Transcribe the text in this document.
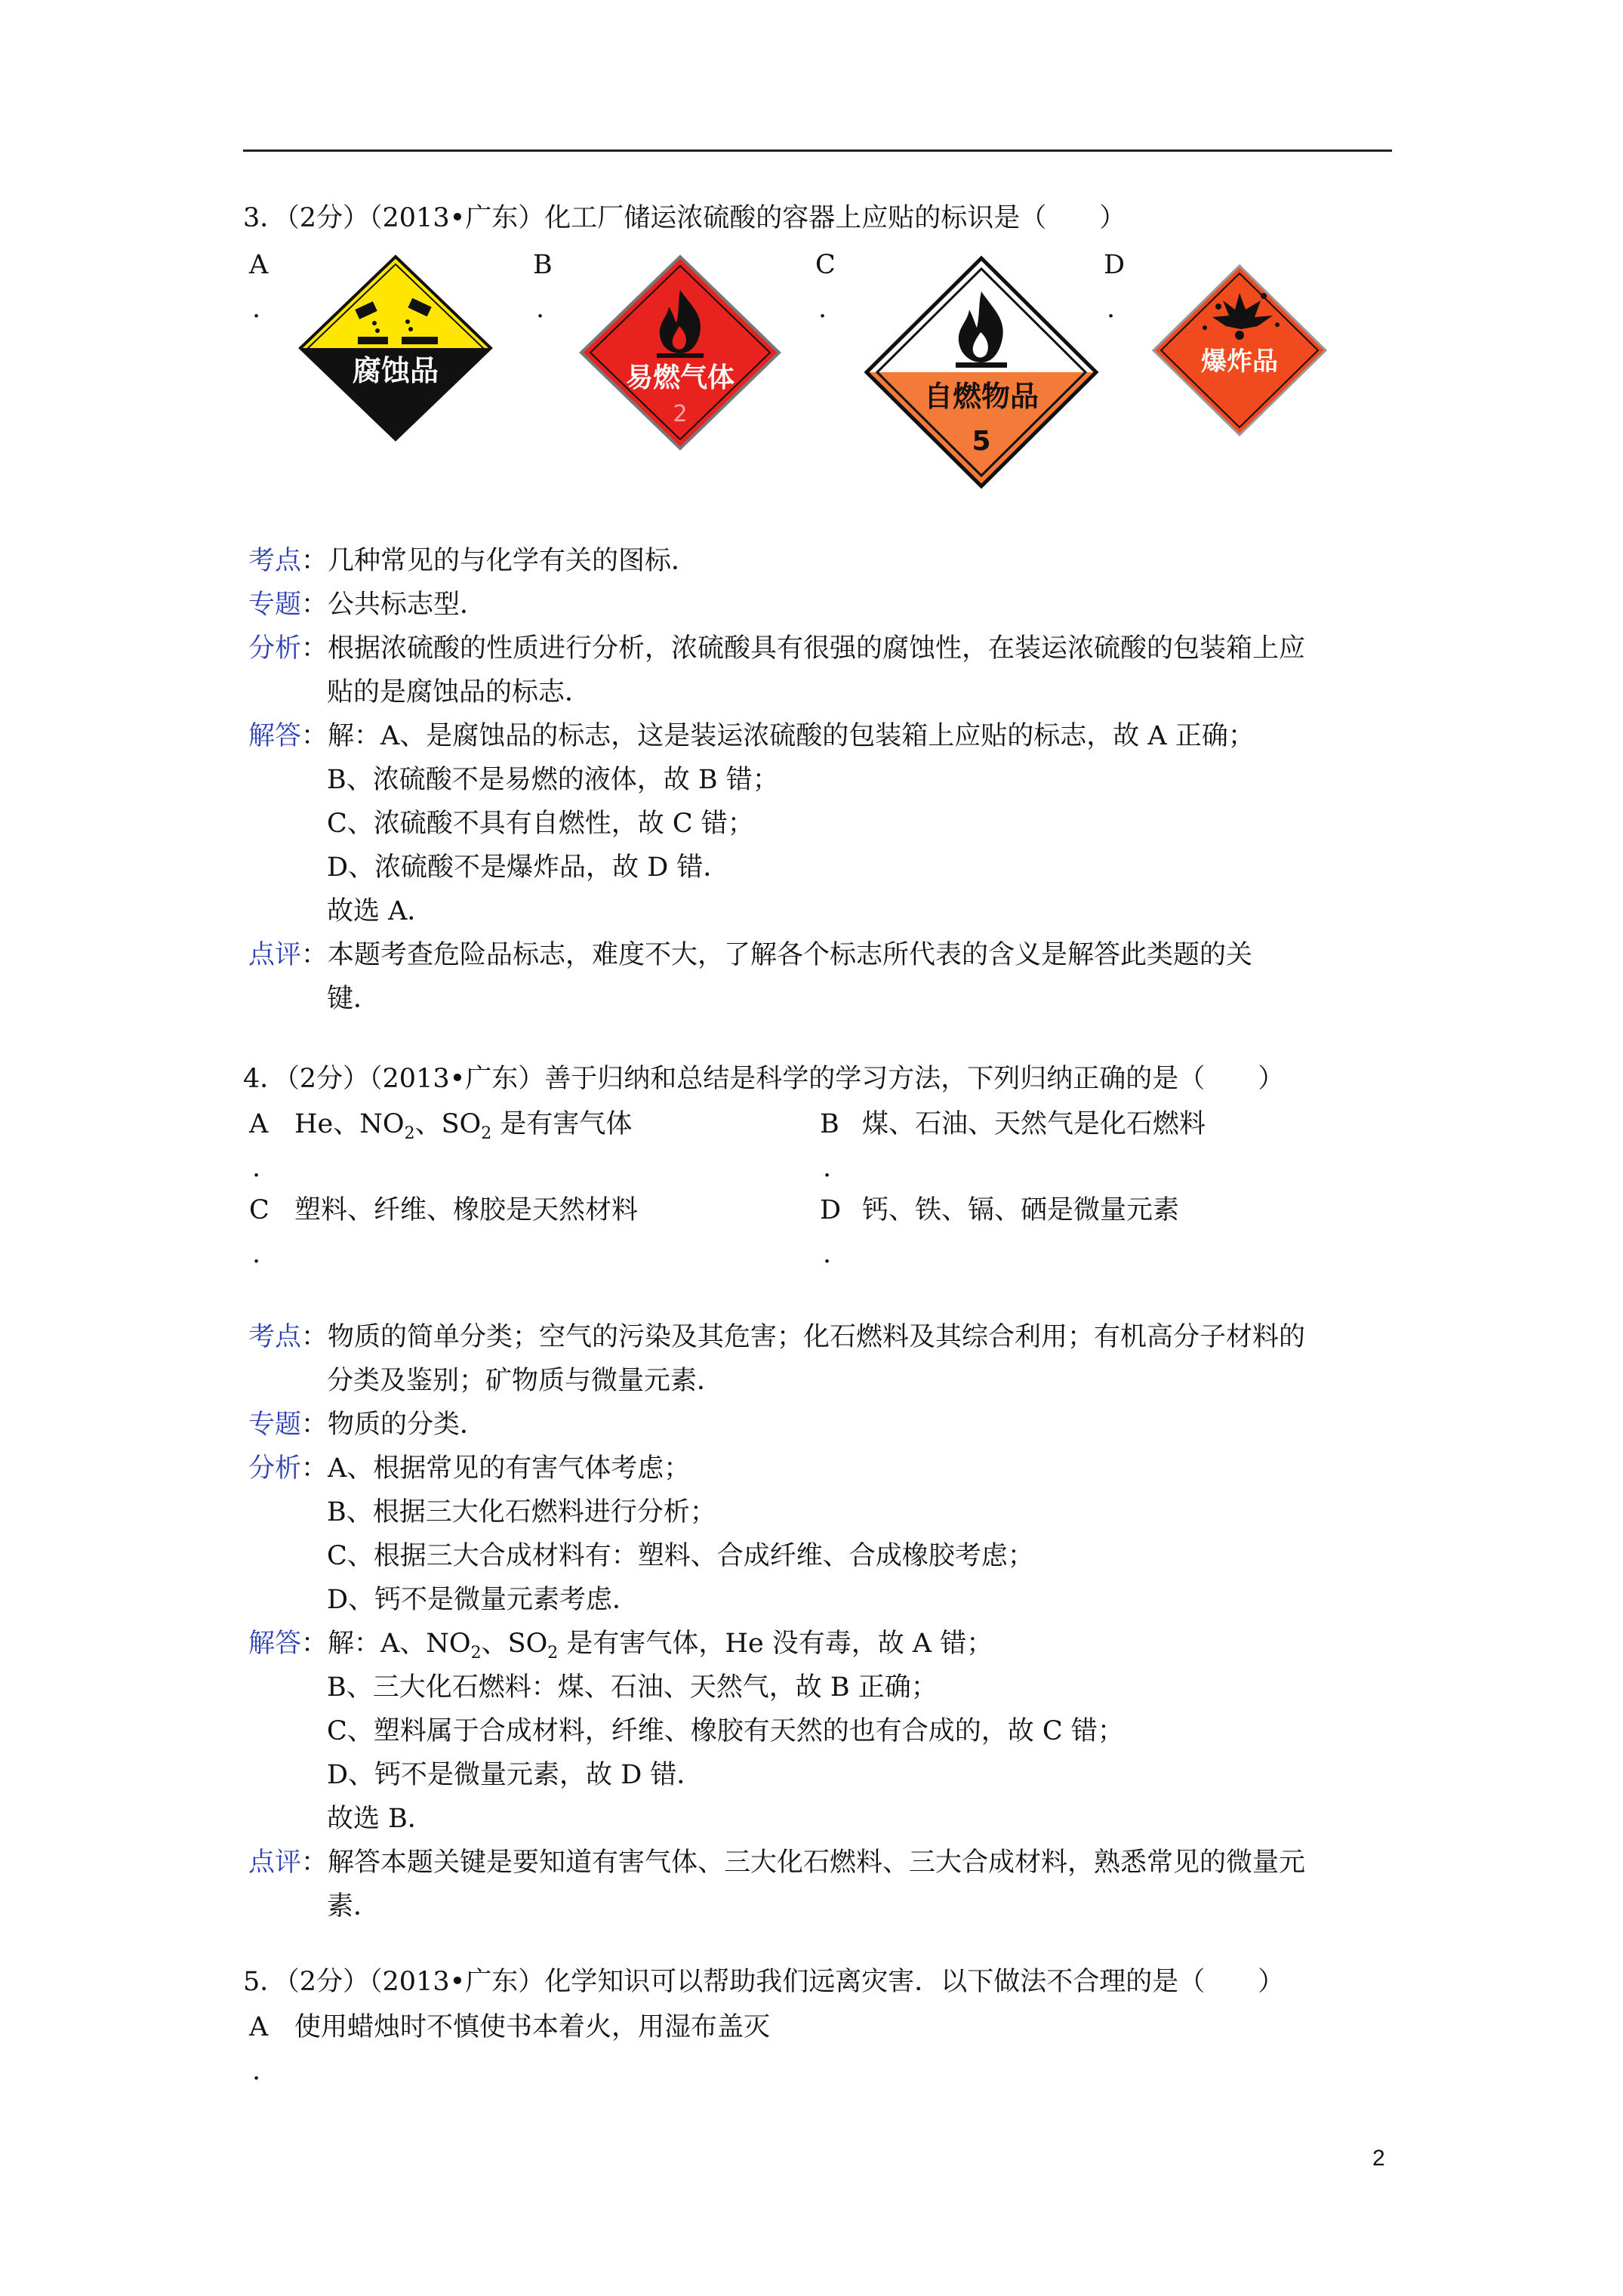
3．（2分）（2013•广东）化工厂储运浓硫酸的容器上应贴的标识是（　　）
A
.
B
.
C
.
D
.
腐蚀品	易燃气体
2
自燃物品
5
爆炸品
考点：几种常见的与化学有关的图标．
专题：公共标志型．
分析：根据浓硫酸的性质进行分析，浓硫酸具有很强的腐蚀性，在装运浓硫酸的包装箱上应
贴的是腐蚀品的标志．
解答：解：A、是腐蚀品的标志，这是装运浓硫酸的包装箱上应贴的标志，故 A 正确；
B、浓硫酸不是易燃的液体，故 B 错；
C、浓硫酸不具有自燃性，故 C 错；
D、浓硫酸不是爆炸品，故 D 错．
故选 A．
点评：本题考查危险品标志，难度不大，了解各个标志所代表的含义是解答此类题的关
键．
4．（2分）（2013•广东）善于归纳和总结是科学的学习方法，下列归纳正确的是（　　）
A He、$NO_2$、$SO_2$ 是有害气体
.
B 煤、石油、天然气是化石燃料
.
C 塑料、纤维、橡胶是天然材料
.
D 钙、铁、镉、硒是微量元素
.
考点：物质的简单分类；空气的污染及其危害；化石燃料及其综合利用；有机高分子材料的
分类及鉴别；矿物质与微量元素．
专题：物质的分类．
分析：A、根据常见的有害气体考虑；
B、根据三大化石燃料进行分析；
C、根据三大合成材料有：塑料、合成纤维、合成橡胶考虑；
D、钙不是微量元素考虑．
解答：解：A、$NO_2$、$SO_2$ 是有害气体，He 没有毒，故 A 错；
B、三大化石燃料：煤、石油、天然气，故 B 正确；
C、塑料属于合成材料，纤维、橡胶有天然的也有合成的，故 C 错；
D、钙不是微量元素，故 D 错．
故选 B．
点评：解答本题关键是要知道有害气体、三大化石燃料、三大合成材料，熟悉常见的微量元
素．
5．（2分）（2013•广东）化学知识可以帮助我们远离灾害．以下做法不合理的是（　　）
A 使用蜡烛时不慎使书本着火，用湿布盖灭
.
2
